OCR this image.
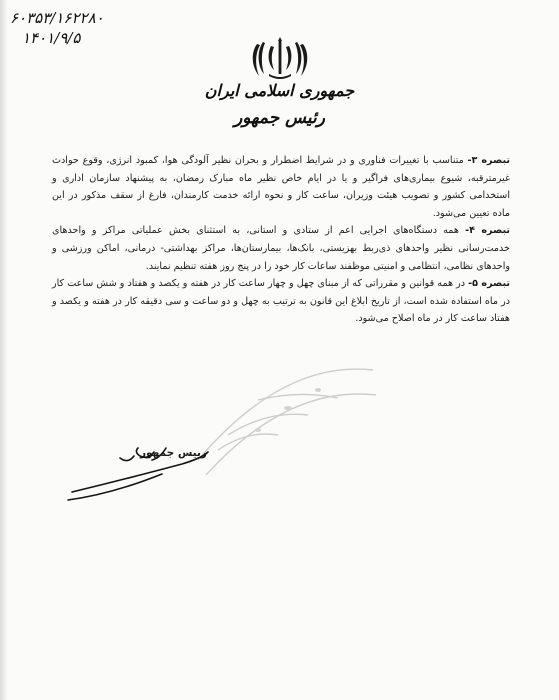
۶۰۳۵۳/۱۶۲۲۸۰
۱۴۰۱/۹/۵
جمهوری اسلامی ایران
رئیس جمهور

تبصره ۳- متناسب با تغییرات فناوری و در شرایط اضطرار و بحران نظیر آلودگی هوا، کمبود انرژی، وقوع حوادث غیرمترقبه، شیوع بیماری‌های فراگیر و یا در ایام خاص نظیر ماه مبارک رمضان، به پیشنهاد سازمان اداری و استخدامی کشور و تصویب هیئت وزیران، ساعت کار و نحوه ارائه خدمت کارمندان، فارغ از سقف مذکور در این ماده تعیین می‌شود.

تبصره ۴- همه دستگاه‌های اجرایی اعم از ستادی و استانی، به استثنای بخش عملیاتی مراکز و واحدهای خدمت‌رسانی نظیر واحدهای ذی‌ربط بهزیستی، بانک‌ها، بیمارستان‌ها، مراکز بهداشتی- درمانی، اماکن ورزشی و واحدهای نظامی، انتظامی و امنیتی موظفند ساعات کار خود را در پنج روز هفته تنظیم نمایند.

تبصره ۵- در همه قوانین و مقرراتی که از مبنای چهل و چهار ساعت کار در هفته و یکصد و هفتاد و شش ساعت کار در ماه استفاده شده است، از تاریخ ابلاغ این قانون به ترتیب به چهل و دو ساعت و سی دقیقه کار در هفته و یکصد و هفتاد ساعت کار در ماه اصلاح می‌شود.

رییس جمهور
